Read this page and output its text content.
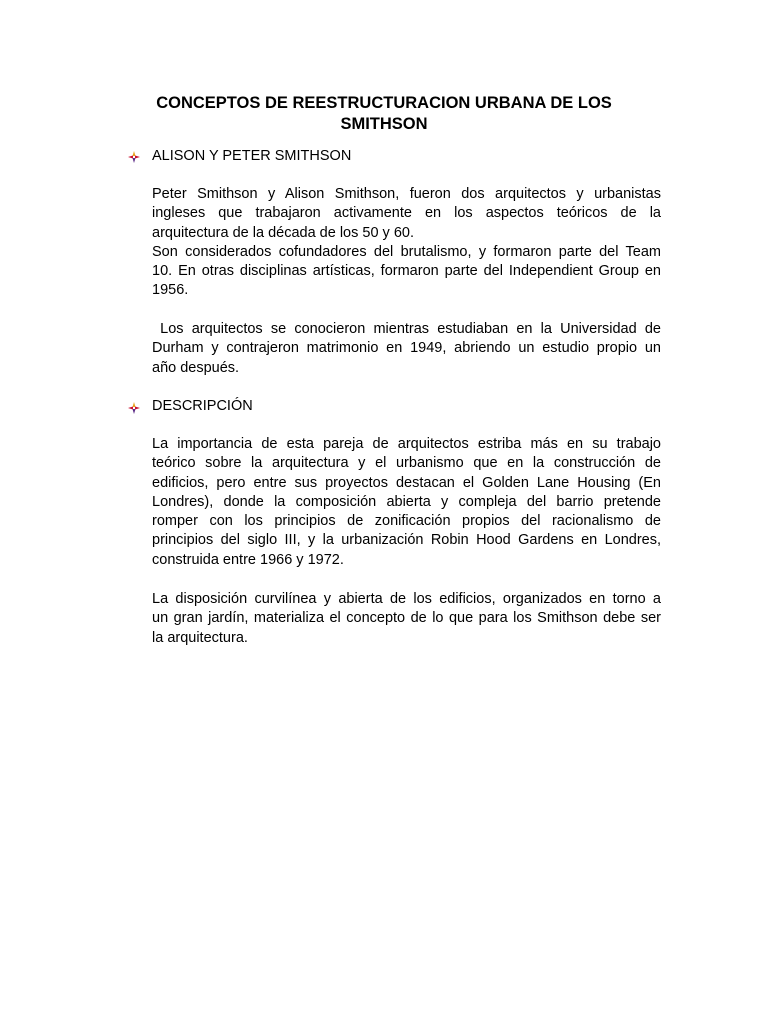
CONCEPTOS DE REESTRUCTURACION URBANA DE LOS SMITHSON

ALISON Y PETER SMITHSON

Peter Smithson y Alison Smithson, fueron dos arquitectos y urbanistas
ingleses que trabajaron activamente en los aspectos teóricos de la
arquitectura de la década de los 50 y 60.
Son considerados cofundadores del brutalismo, y formaron parte del Team
10. En otras disciplinas artísticas, formaron parte del Independient Group en
1956.

Los arquitectos se conocieron mientras estudiaban en la Universidad de
Durham y contrajeron matrimonio en 1949, abriendo un estudio propio un
año después.

DESCRIPCIÓN

La importancia de esta pareja de arquitectos estriba más en su trabajo
teórico sobre la arquitectura y el urbanismo que en la construcción de
edificios, pero entre sus proyectos destacan el Golden Lane Housing (En
Londres), donde la composición abierta y compleja del barrio pretende
romper con los principios de zonificación propios del racionalismo de
principios del siglo III, y la urbanización Robin Hood Gardens en Londres,
construida entre 1966 y 1972.

La disposición curvilínea y abierta de los edificios, organizados en torno a
un gran jardín, materializa el concepto de lo que para los Smithson debe ser
la arquitectura.
